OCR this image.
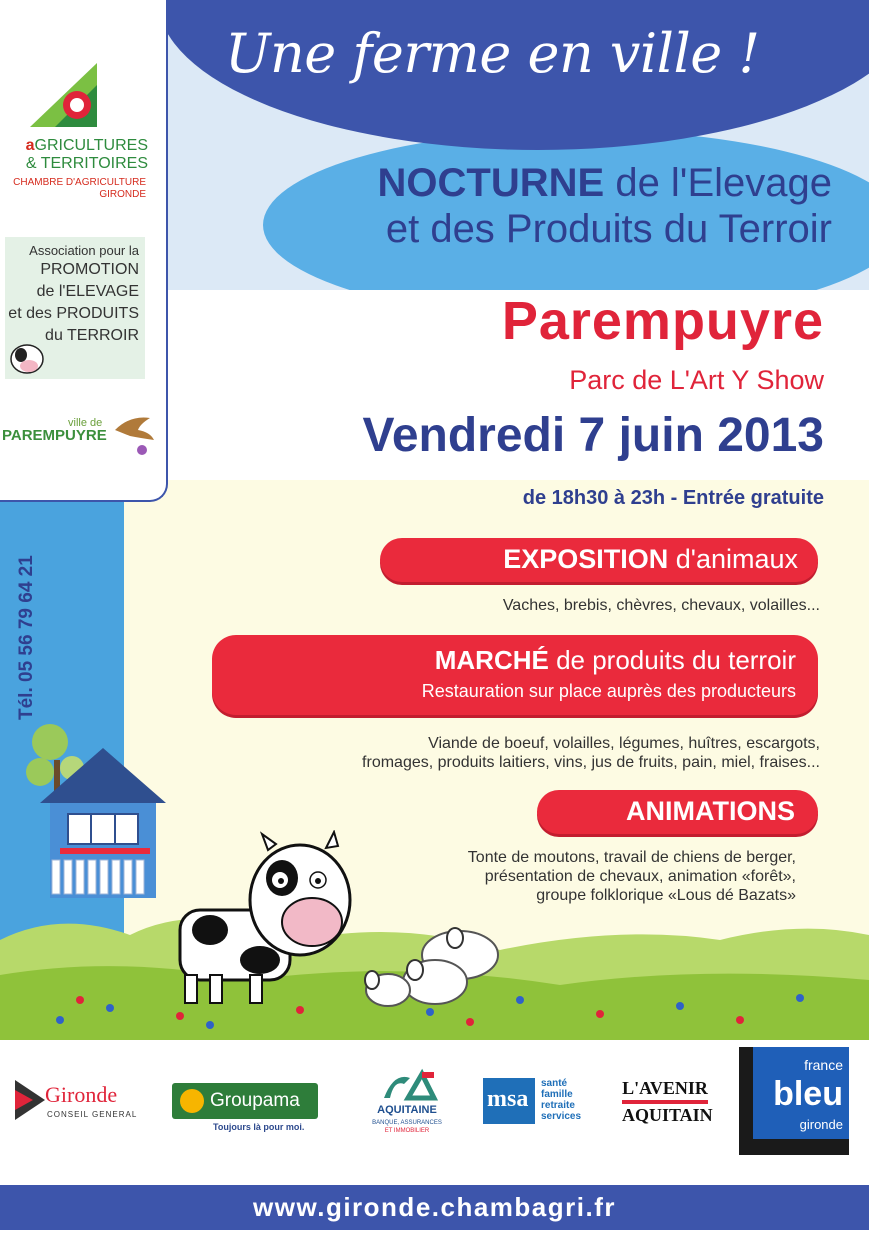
Une ferme en ville !
NOCTURNE de l'Elevage
et des Produits du Terroir
aGRICULTURES
& TERRITOIRES
CHAMBRE D'AGRICULTURE
GIRONDE
Association pour la
PROMOTION
de l'ELEVAGE
et des PRODUITS
du TERROIR
ville de
PAREMPUYRE
Tél. 05 56 79 64 21
Parempuyre
Parc de L'Art Y Show
Vendredi 7 juin 2013
de 18h30 à 23h - Entrée gratuite
EXPOSITION d'animaux
Vaches, brebis, chèvres, chevaux, volailles...
MARCHÉ de produits du terroir
Restauration sur place auprès des producteurs
Viande de boeuf, volailles, légumes, huîtres, escargots,
fromages, produits laitiers, vins, jus de fruits, pain, miel, fraises...
ANIMATIONS
Tonte de moutons, travail de chiens de berger,
présentation de chevaux, animation «forêt»,
groupe folklorique «Lous dé Bazats»
Gironde
CONSEIL GENERAL
Groupama
Toujours là pour moi.
AQUITAINE
BANQUE, ASSURANCES
ET IMMOBILIER
msa
santé
famille
retraite
services
L'AVENIR
AQUITAIN
france
bleu
gironde
www.gironde.chambagri.fr
